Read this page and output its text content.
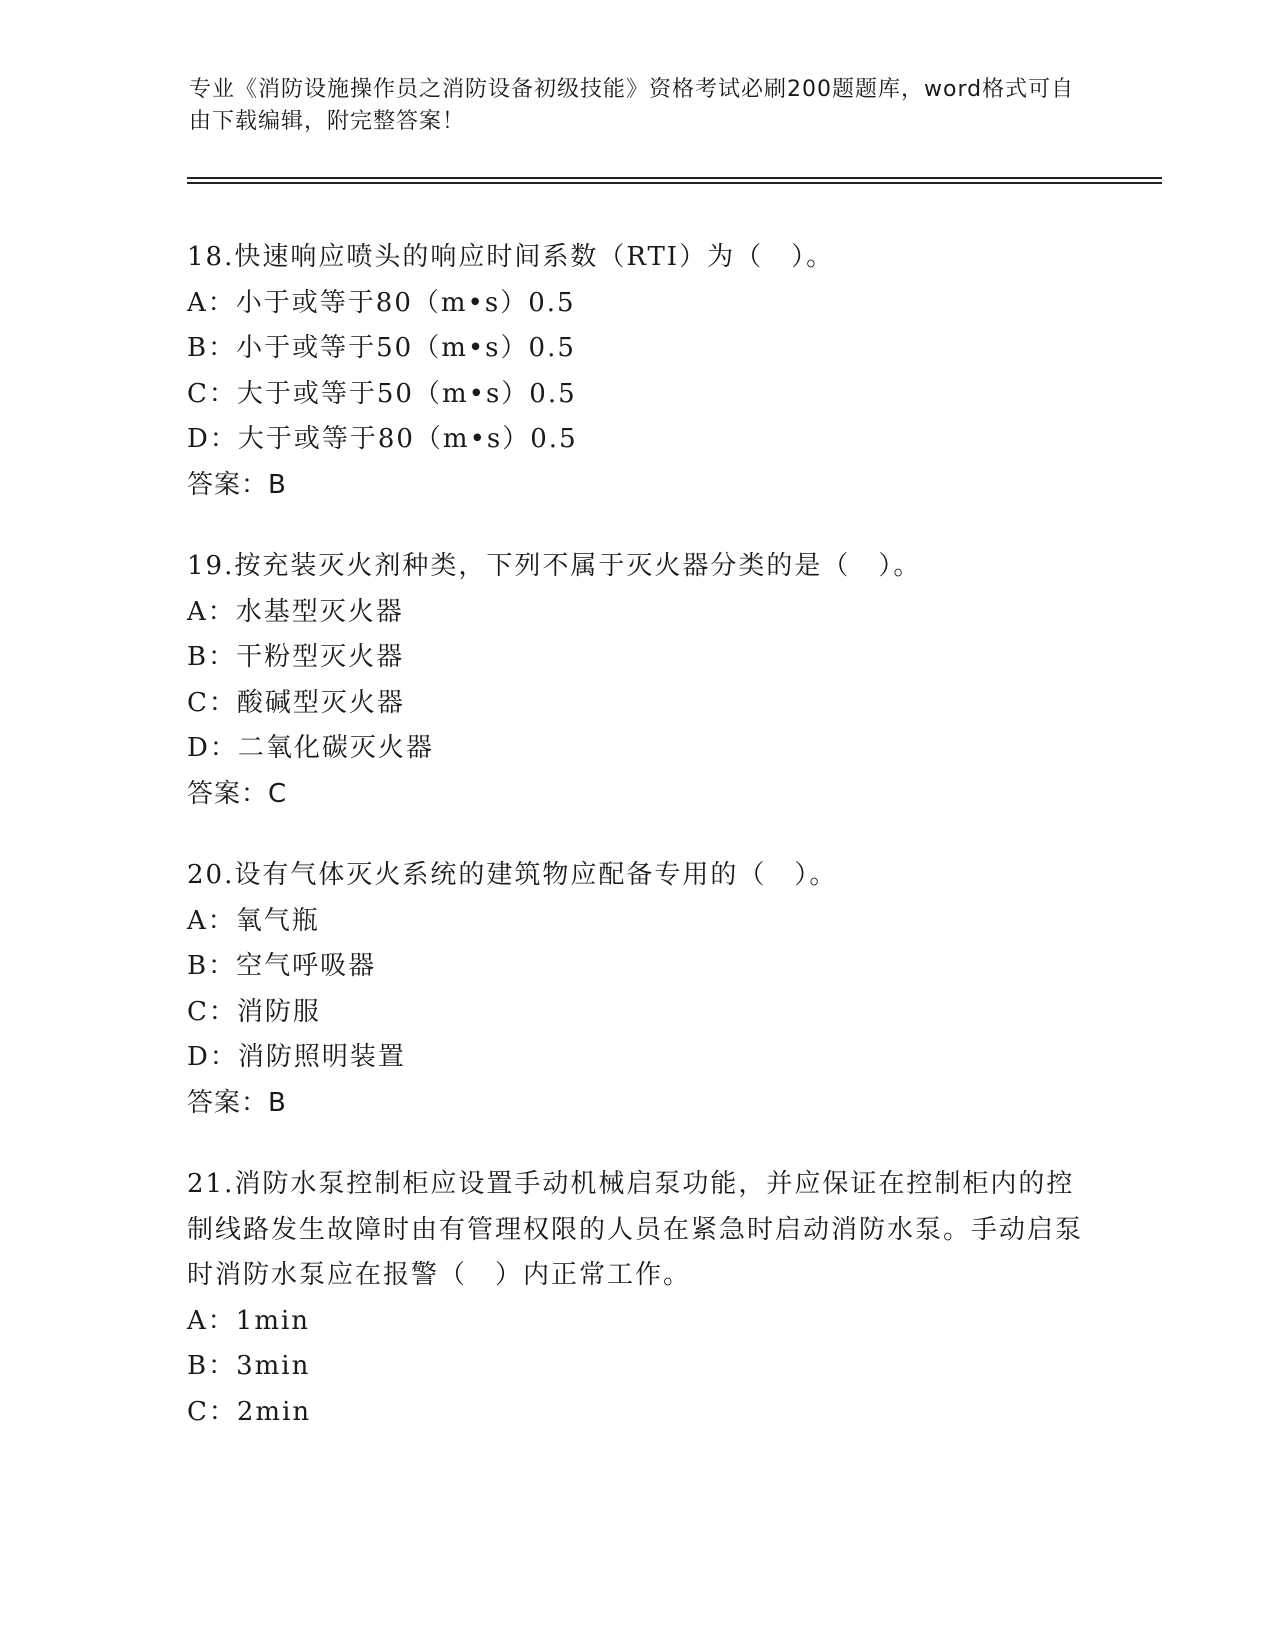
专业《消防设施操作员之消防设备初级技能》资格考试必刷200题题库，word格式可自由下载编辑，附完整答案！

18.快速响应喷头的响应时间系数（RTI）为（　）。

A：小于或等于80（m•s）0.5

B：小于或等于50（m•s）0.5

C：大于或等于50（m•s）0.5

D：大于或等于80（m•s）0.5

答案：B

19.按充装灭火剂种类，下列不属于灭火器分类的是（　）。

A：水基型灭火器

B：干粉型灭火器

C：酸碱型灭火器

D：二氧化碳灭火器

答案：C

20.设有气体灭火系统的建筑物应配备专用的（　）。

A：氧气瓶

B：空气呼吸器

C：消防服

D：消防照明装置

答案：B

21.消防水泵控制柜应设置手动机械启泵功能，并应保证在控制柜内的控制线路发生故障时由有管理权限的人员在紧急时启动消防水泵。手动启泵时消防水泵应在报警（　）内正常工作。

A：1min

B：3min

C：2min
